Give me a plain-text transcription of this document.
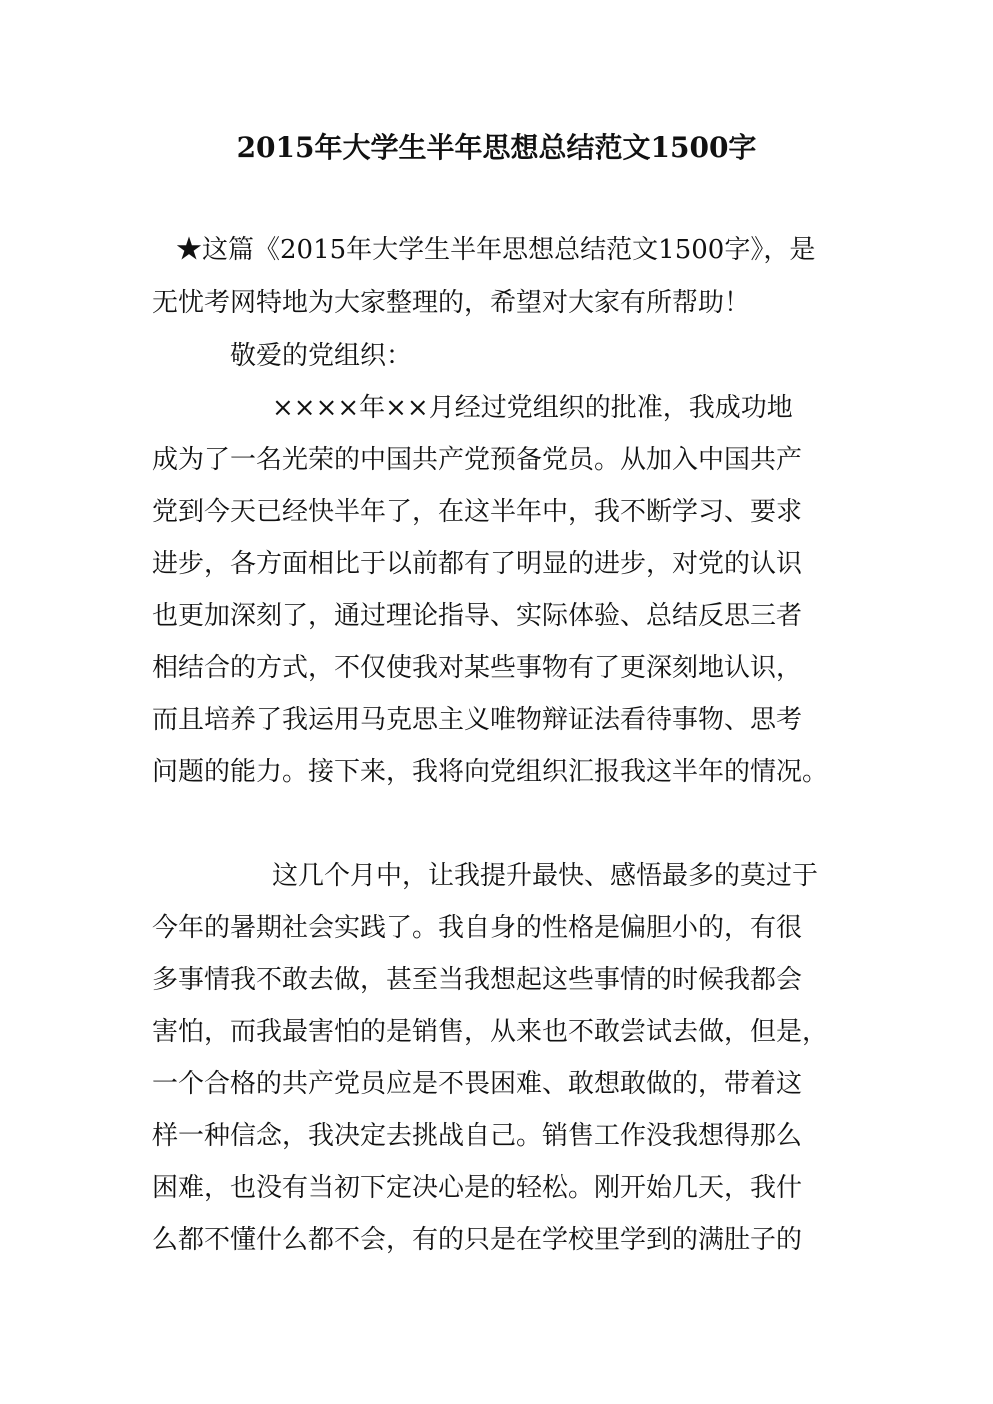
2015年大学生半年思想总结范文1500字
★这篇《2015年大学生半年思想总结范文1500字》，是
无忧考网特地为大家整理的，希望对大家有所帮助！
敬爱的党组织：
××××年××月经过党组织的批准，我成功地
成为了一名光荣的中国共产党预备党员。从加入中国共产
党到今天已经快半年了，在这半年中，我不断学习、要求
进步，各方面相比于以前都有了明显的进步，对党的认识
也更加深刻了，通过理论指导、实际体验、总结反思三者
相结合的方式，不仅使我对某些事物有了更深刻地认识，
而且培养了我运用马克思主义唯物辩证法看待事物、思考
问题的能力。接下来，我将向党组织汇报我这半年的情况。
这几个月中，让我提升最快、感悟最多的莫过于
今年的暑期社会实践了。我自身的性格是偏胆小的，有很
多事情我不敢去做，甚至当我想起这些事情的时候我都会
害怕，而我最害怕的是销售，从来也不敢尝试去做，但是，
一个合格的共产党员应是不畏困难、敢想敢做的，带着这
样一种信念，我决定去挑战自己。销售工作没我想得那么
困难，也没有当初下定决心是的轻松。刚开始几天，我什
么都不懂什么都不会，有的只是在学校里学到的满肚子的
